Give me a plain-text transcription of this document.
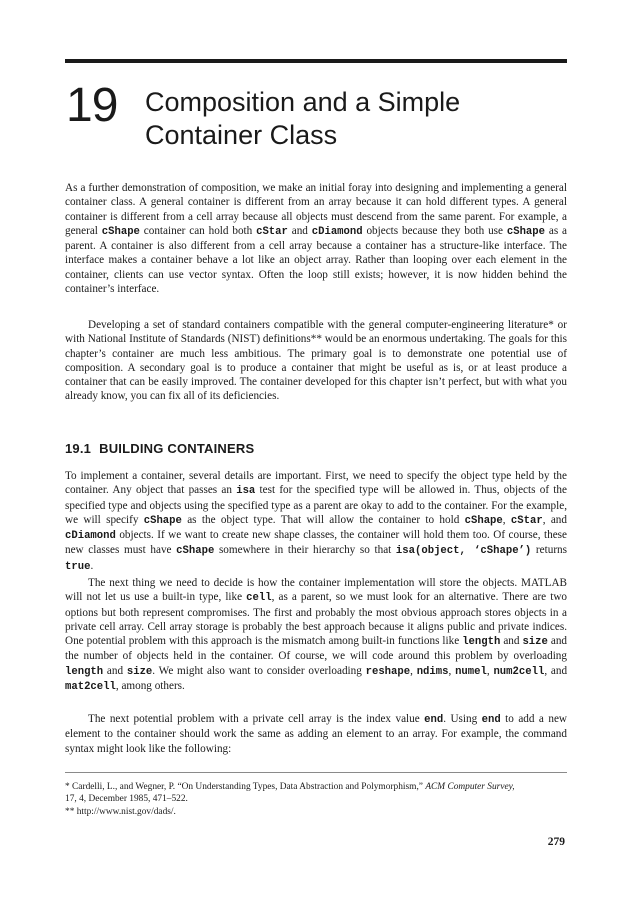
19 Composition and a Simple
Container Class

As a further demonstration of composition, we make an initial foray into designing and implementing a general container class. A general container is different from an array because it can hold different types. A general container is different from a cell array because all objects must descend from the same parent. For example, a general cShape container can hold both cStar and cDiamond objects because they both use cShape as a parent. A container is also different from a cell array because a container has a structure-like interface. The interface makes a container behave a lot like an object array. Rather than looping over each element in the container, clients can use vector syntax. Often the loop still exists; however, it is now hidden behind the container’s interface.

Developing a set of standard containers compatible with the general computer-engineering literature* or with National Institute of Standards (NIST) definitions** would be an enormous undertaking. The goals for this chapter’s container are much less ambitious. The primary goal is to demonstrate one potential use of composition. A secondary goal is to produce a container that might be useful as is, or at least produce a container that can be easily improved. The container developed for this chapter isn’t perfect, but with what you already know, you can fix all of its deficiencies.

19.1 BUILDING CONTAINERS

To implement a container, several details are important. First, we need to specify the object type held by the container. Any object that passes an isa test for the specified type will be allowed in. Thus, objects of the specified type and objects using the specified type as a parent are okay to add to the container. For the example, we will specify cShape as the object type. That will allow the container to hold cShape, cStar, and cDiamond objects. If we want to create new shape classes, the container will hold them too. Of course, these new classes must have cShape somewhere in their hierarchy so that isa(object, ‘cShape’) returns true.

The next thing we need to decide is how the container implementation will store the objects. MATLAB will not let us use a built-in type, like cell, as a parent, so we must look for an alternative. There are two options but both represent compromises. The first and probably the most obvious approach stores objects in a private cell array. Cell array storage is probably the best approach because it aligns public and private indices. One potential problem with this approach is the mismatch among built-in functions like length and size and the number of objects held in the container. Of course, we will code around this problem by overloading length and size. We might also want to consider overloading reshape, ndims, numel, num2cell, and mat2cell, among others.

The next potential problem with a private cell array is the index value end. Using end to add a new element to the container should work the same as adding an element to an array. For example, the command syntax might look like the following:

* Cardelli, L., and Wegner, P. “On Understanding Types, Data Abstraction and Polymorphism,” ACM Computer Survey,
17, 4, December 1985, 471–522.
** http://www.nist.gov/dads/.
279
